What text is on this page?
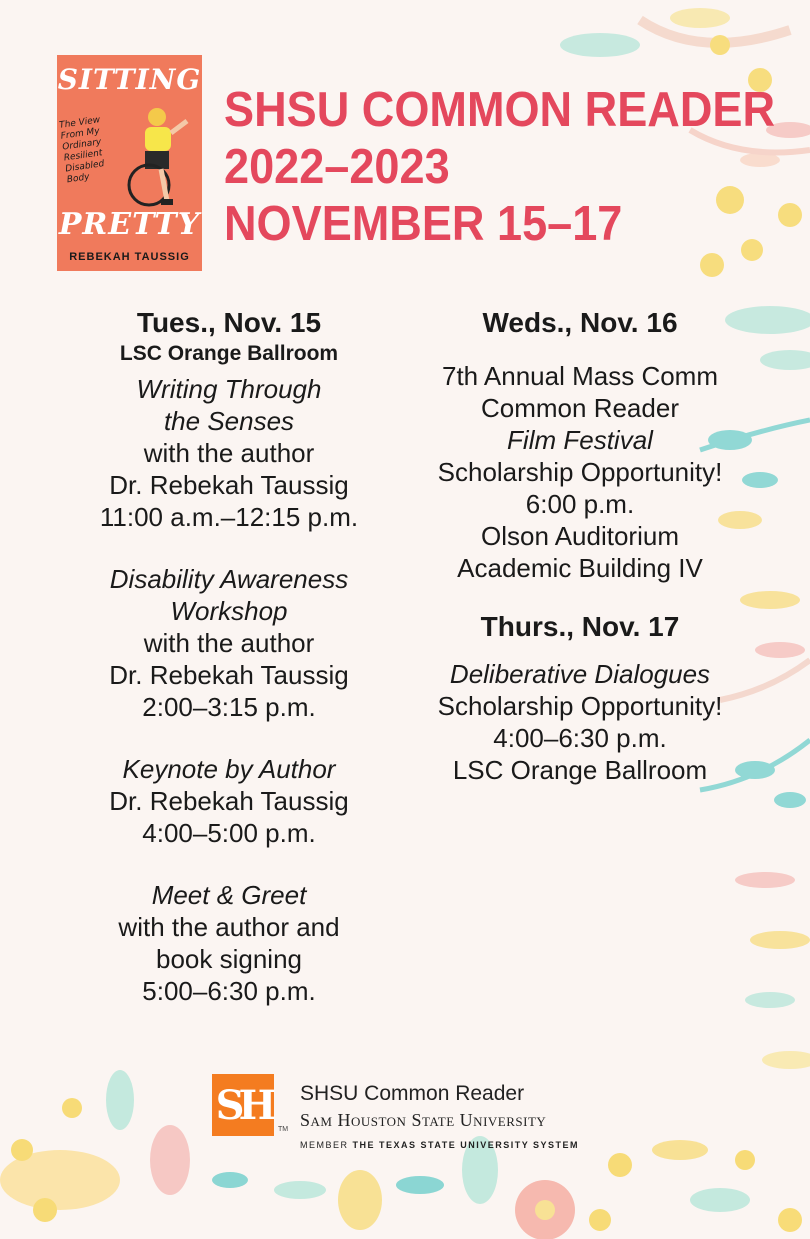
SITTING
The View From My Ordinary Resilient Disabled Body
PRETTY
REBEKAH TAUSSIG
SHSU COMMON READER
2022–2023
NOVEMBER 15–17
Tues., Nov. 15
LSC Orange Ballroom
Writing Through
the Senses
with the author
Dr. Rebekah Taussig
11:00 a.m.–12:15 p.m.
Disability Awareness
Workshop
with the author
Dr. Rebekah Taussig
2:00–3:15 p.m.
Keynote by Author
Dr. Rebekah Taussig
4:00–5:00 p.m.
Meet & Greet
with the author and
book signing
5:00–6:30 p.m.
Weds., Nov. 16
7th Annual Mass Comm
Common Reader
Film Festival
Scholarship Opportunity!
6:00 p.m.
Olson Auditorium
Academic Building IV
Thurs., Nov. 17
Deliberative Dialogues
Scholarship Opportunity!
4:00–6:30 p.m.
LSC Orange Ballroom
SH
TM
SHSU Common Reader
Sam Houston State University
MEMBER THE TEXAS STATE UNIVERSITY SYSTEM
